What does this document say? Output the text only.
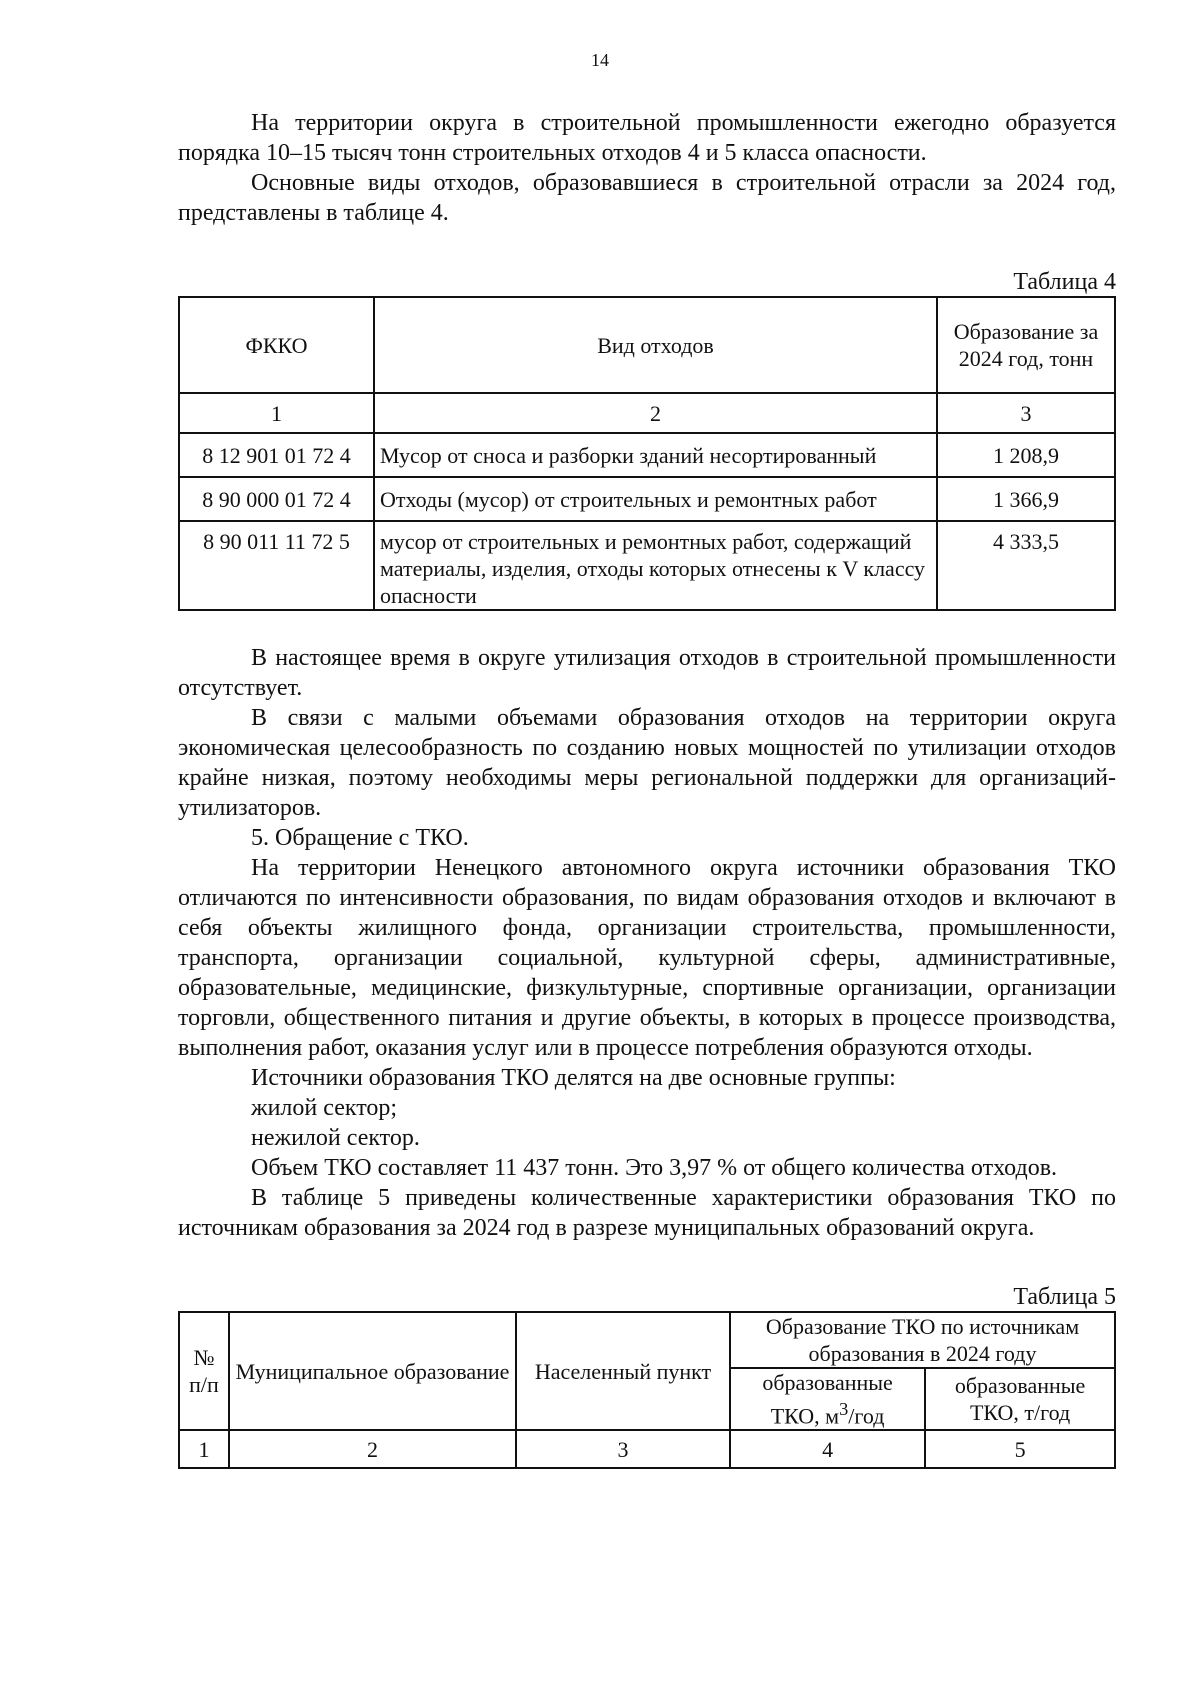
14

На территории округа в строительной промышленности ежегодно образуется порядка 10–15 тысяч тонн строительных отходов 4 и 5 класса опасности.

Основные виды отходов, образовавшиеся в строительной отрасли за 2024 год, представлены в таблице 4.

Таблица 4
ФККО	Вид отходов	Образование за 2024 год, тонн
1	2	3
8 12 901 01 72 4	Мусор от сноса и разборки зданий несортированный	1 208,9
8 90 000 01 72 4	Отходы (мусор) от строительных и ремонтных работ	1 366,9
8 90 011 11 72 5	мусор от строительных и ремонтных работ, содержащий материалы, изделия, отходы которых отнесены к V классу опасности	4 333,5

В настоящее время в округе утилизация отходов в строительной промышленности отсутствует.

В связи с малыми объемами образования отходов на территории округа экономическая целесообразность по созданию новых мощностей по утилизации отходов крайне низкая, поэтому необходимы меры региональной поддержки для организаций-утилизаторов.

5. Обращение с ТКО.

На территории Ненецкого автономного округа источники образования ТКО отличаются по интенсивности образования, по видам образования отходов и включают в себя объекты жилищного фонда, организации строительства, промышленности, транспорта, организации социальной, культурной сферы, административные, образовательные, медицинские, физкультурные, спортивные организации, организации торговли, общественного питания и другие объекты, в которых в процессе производства, выполнения работ, оказания услуг или в процессе потребления образуются отходы.

Источники образования ТКО делятся на две основные группы:

жилой сектор;

нежилой сектор.

Объем ТКО составляет 11 437 тонн. Это 3,97 % от общего количества отходов.

В таблице 5 приведены количественные характеристики образования ТКО по источникам образования за 2024 год в разрезе муниципальных образований округа.

Таблица 5
№ п/п	Муниципальное образование	Населенный пункт	Образование ТКО по источникам образования в 2024 году	
			образованные ТКО, $м^3$/год	образованные ТКО, т/год
1	2	3	4	5
